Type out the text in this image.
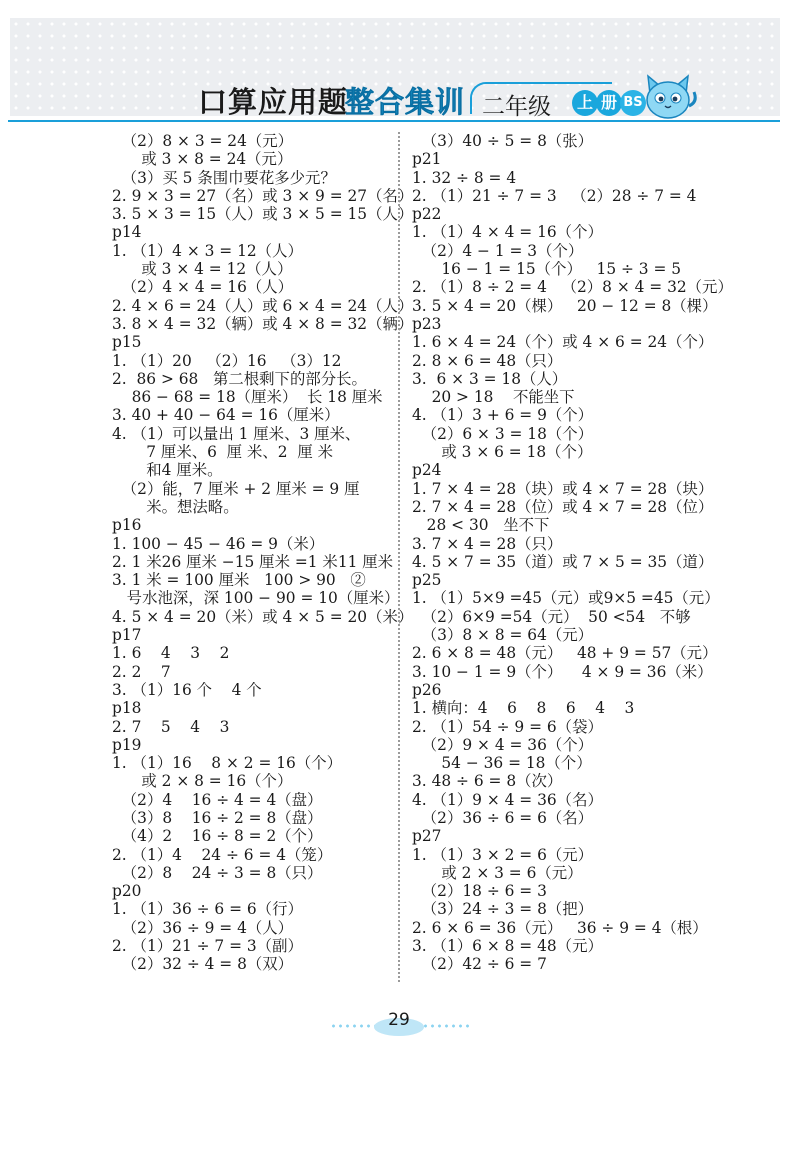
口算应用题
整合集训 二年级	上 册 BS
（2）8 × 3 = 24（元）
或 3 × 8 = 24（元）
（3）买 5 条围巾要花多少元？
2. 9 × 3 = 27（名）或 3 × 9 = 27（名）
3. 5 × 3 = 15（人）或 3 × 5 = 15（人）
p14
1. （1）4 × 3 = 12（人）
或 3 × 4 = 12（人）
（2）4 × 4 = 16（人）
2. 4 × 6 = 24（人）或 6 × 4 = 24（人）
3. 8 × 4 = 32（辆）或 4 × 8 = 32（辆）
p15
1. （1）20   （2）16   （3）12
2.  86 > 68   第二根剩下的部分长。
86 − 68 = 18（厘米）  长 18 厘米
3. 40 + 40 − 64 = 16（厘米）
4. （1）可以量出 1 厘米、3 厘米、
7 厘米、6  厘 米、2  厘 米
和4 厘米。
（2）能，7 厘米 + 2 厘米 = 9 厘
米。想法略。
p16
1. 100 − 45 − 46 = 9（米）
2. 1 米26 厘米 −15 厘米 =1 米11 厘米
3. 1 米 = 100 厘米   100 > 90   ②
号水池深，深 100 − 90 = 10（厘米）
4. 5 × 4 = 20（米）或 4 × 5 = 20（米）
p17
1. 6    4    3    2
2. 2    7
3. （1）16 个    4 个
p18
2. 7    5    4    3
p19
1. （1）16    8 × 2 = 16（个）
或 2 × 8 = 16（个）
（2）4    16 ÷ 4 = 4（盘）
（3）8    16 ÷ 2 = 8（盘）
（4）2    16 ÷ 8 = 2（个）
2. （1）4    24 ÷ 6 = 4（笼）
（2）8    24 ÷ 3 = 8（只）
p20
1. （1）36 ÷ 6 = 6（行）
（2）36 ÷ 9 = 4（人）
2. （1）21 ÷ 7 = 3（副）
（2）32 ÷ 4 = 8（双）
（3）40 ÷ 5 = 8（张）
p21
1. 32 ÷ 8 = 4
2. （1）21 ÷ 7 = 3   （2）28 ÷ 7 = 4
p22
1. （1）4 × 4 = 16（个）
（2）4 − 1 = 3（个）
16 − 1 = 15（个）   15 ÷ 3 = 5
2. （1）8 ÷ 2 = 4   （2）8 × 4 = 32（元）
3. 5 × 4 = 20（棵）   20 − 12 = 8（棵）
p23
1. 6 × 4 = 24（个）或 4 × 6 = 24（个）
2. 8 × 6 = 48（只）
3.  6 × 3 = 18（人）
20 > 18    不能坐下
4. （1）3 + 6 = 9（个）
（2）6 × 3 = 18（个）
或 3 × 6 = 18（个）
p24
1. 7 × 4 = 28（块）或 4 × 7 = 28（块）
2. 7 × 4 = 28（位）或 4 × 7 = 28（位）
28 < 30   坐不下
3. 7 × 4 = 28（只）
4. 5 × 7 = 35（道）或 7 × 5 = 35（道）
p25
1. （1）5×9 =45（元）或9×5 =45（元）
（2）6×9 =54（元）  50 <54   不够
（3）8 × 8 = 64（元）
2. 6 × 8 = 48（元）   48 + 9 = 57（元）
3. 10 − 1 = 9（个）    4 × 9 = 36（米）
p26
1. 横向：4    6    8    6    4    3
2. （1）54 ÷ 9 = 6（袋）
（2）9 × 4 = 36（个）
54 − 36 = 18（个）
3. 48 ÷ 6 = 8（次）
4. （1）9 × 4 = 36（名）
（2）36 ÷ 6 = 6（名）
p27
1. （1）3 × 2 = 6（元）
或 2 × 3 = 6（元）
（2）18 ÷ 6 = 3
（3）24 ÷ 3 = 8（把）
2. 6 × 6 = 36（元）   36 ÷ 9 = 4（根）
3. （1）6 × 8 = 48（元）
（2）42 ÷ 6 = 7
29
